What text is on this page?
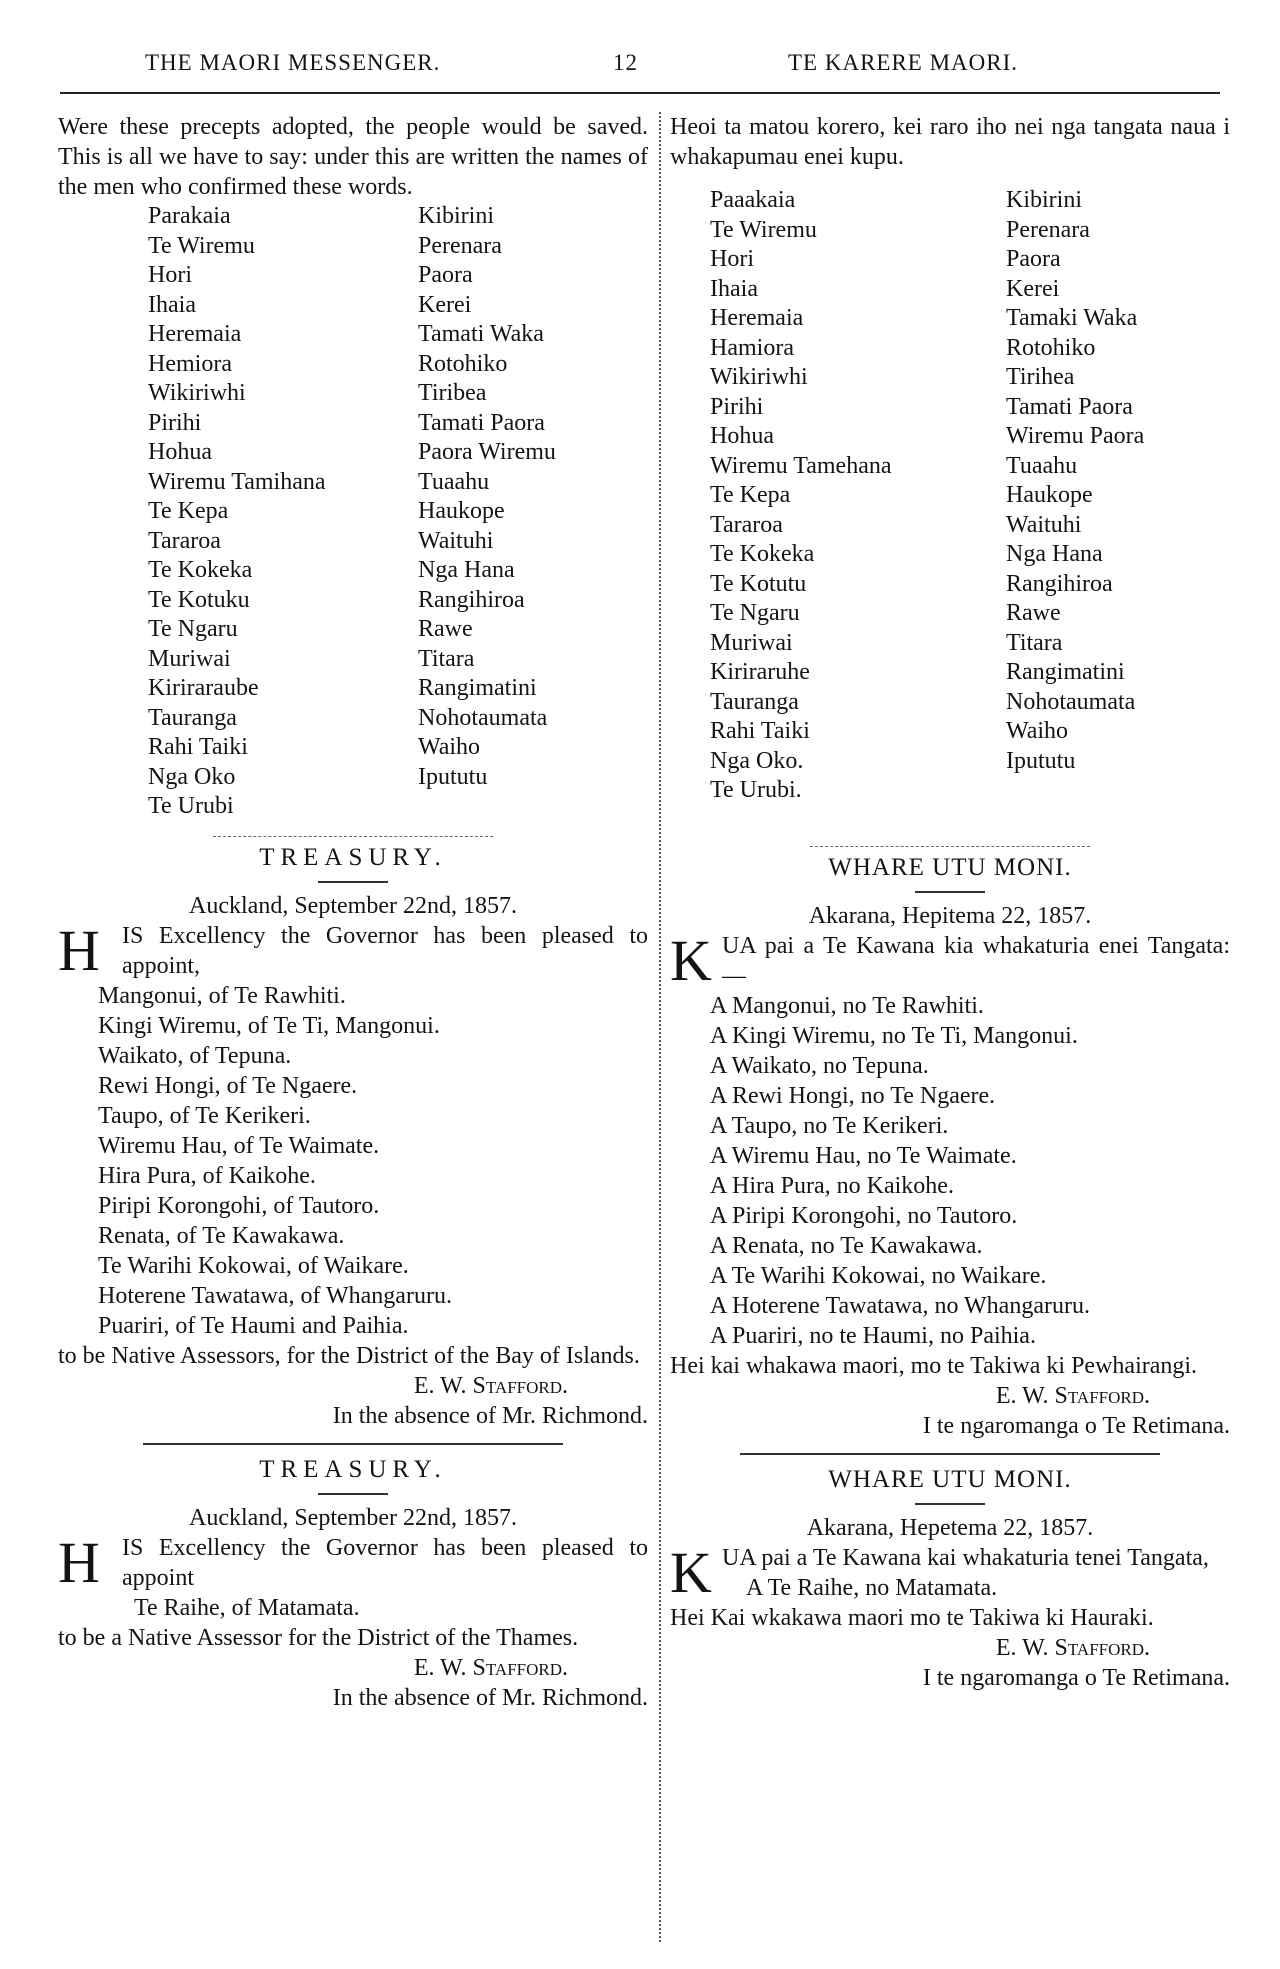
THE MAORI MESSENGER.	12	TE KARERE MAORI.

Were these precepts adopted, the people would be saved. This is all we have to say: under this are written the names of the men who confirmed these words.

Parakaia
Te Wiremu
Hori
Ihaia
Heremaia
Hemiora
Wikiriwhi
Pirihi
Hohua
Wiremu Tamihana
Te Kepa
Tararoa
Te Kokeka
Te Kotuku
Te Ngaru
Muriwai
Kiriraraube
Tauranga
Rahi Taiki
Nga Oko
Te Urubi
Kibirini
Perenara
Paora
Kerei
Tamati Waka
Rotohiko
Tiribea
Tamati Paora
Paora Wiremu
Tuaahu
Haukope
Waituhi
Nga Hana
Rangihiroa
Rawe
Titara
Rangimatini
Nohotaumata
Waiho
Ipututu
TREASURY.
Auckland, September 22nd, 1857.
H IS Excellency the Governor has been pleased to appoint,

Mangonui, of Te Rawhiti.
Kingi Wiremu, of Te Ti, Mangonui.
Waikato, of Tepuna.
Rewi Hongi, of Te Ngaere.
Taupo, of Te Kerikeri.
Wiremu Hau, of Te Waimate.
Hira Pura, of Kaikohe.
Piripi Korongohi, of Tautoro.
Renata, of Te Kawakawa.
Te Warihi Kokowai, of Waikare.
Hoterene Tawatawa, of Whangaruru.
Puariri, of Te Haumi and Paihia.

to be Native Assessors, for the District of the Bay of Islands.

E. W. Stafford.
In the absence of Mr. Richmond.
TREASURY.
Auckland, September 22nd, 1857.
H IS Excellency the Governor has been pleased to appoint

Te Raihe, of Matamata.

to be a Native Assessor for the District of the Thames.

E. W. Stafford.
In the absence of Mr. Richmond.

Heoi ta matou korero, kei raro iho nei nga tangata naua i whakapumau enei kupu.

Paaakaia
Te Wiremu
Hori
Ihaia
Heremaia
Hamiora
Wikiriwhi
Pirihi
Hohua
Wiremu Tamehana
Te Kepa
Tararoa
Te Kokeka
Te Kotutu
Te Ngaru
Muriwai
Kiriraruhe
Tauranga
Rahi Taiki
Nga Oko.
Te Urubi.
Kibirini
Perenara
Paora
Kerei
Tamaki Waka
Rotohiko
Tirihea
Tamati Paora
Wiremu Paora
Tuaahu
Haukope
Waituhi
Nga Hana
Rangihiroa
Rawe
Titara
Rangimatini
Nohotaumata
Waiho
Ipututu
WHARE UTU MONI.
Akarana, Hepitema 22, 1857.
K UA pai a Te Kawana kia whakaturia enei Tangata: —

A Mangonui, no Te Rawhiti.
A Kingi Wiremu, no Te Ti, Mangonui.
A Waikato, no Tepuna.
A Rewi Hongi, no Te Ngaere.
A Taupo, no Te Kerikeri.
A Wiremu Hau, no Te Waimate.
A Hira Pura, no Kaikohe.
A Piripi Korongohi, no Tautoro.
A Renata, no Te Kawakawa.
A Te Warihi Kokowai, no Waikare.
A Hoterene Tawatawa, no Whangaruru.
A Puariri, no te Haumi, no Paihia.

Hei kai whakawa maori, mo te Takiwa ki Pewhairangi.

E. W. Stafford.
I te ngaromanga o Te Retimana.
WHARE UTU MONI.
Akarana, Hepetema 22, 1857.
K UA pai a Te Kawana kai whakaturia tenei Tangata,

A Te Raihe, no Matamata.

Hei Kai wkakawa maori mo te Takiwa ki Hauraki.

E. W. Stafford.
I te ngaromanga o Te Retimana.
